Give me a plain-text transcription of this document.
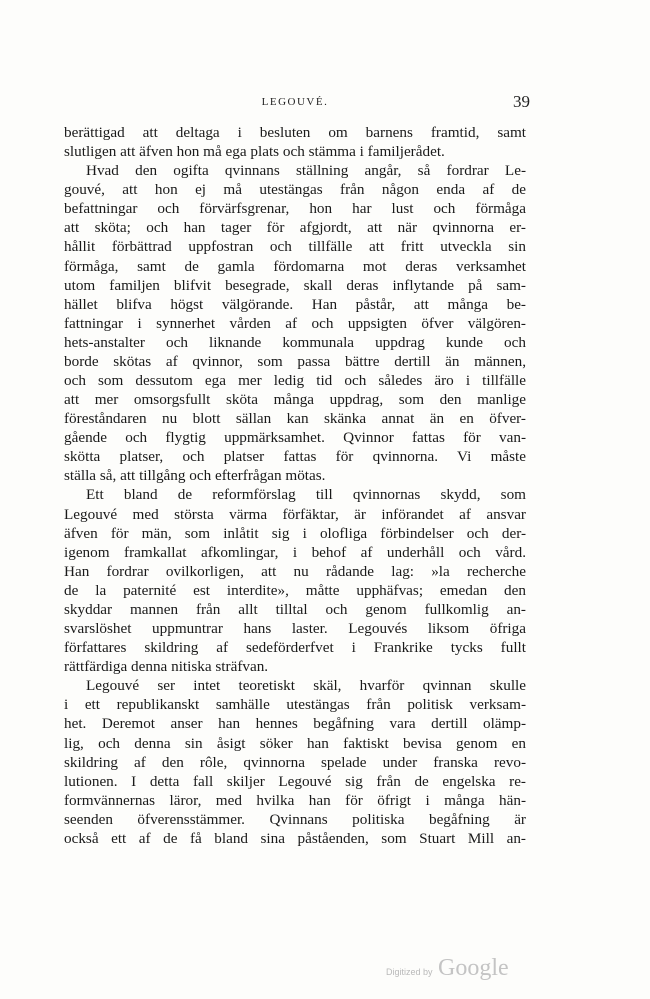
LEGOUVÉ.	39
berättigad att deltaga i besluten om barnens framtid, samt
slutligen att äfven hon må ega plats och stämma i familjerådet.
Hvad den ogifta qvinnans ställning angår, så fordrar Le-
gouvé, att hon ej må utestängas från någon enda af de
befattningar och förvärfsgrenar, hon har lust och förmåga
att sköta; och han tager för afgjordt, att när qvinnorna er-
hållit förbättrad uppfostran och tillfälle att fritt utveckla sin
förmåga, samt de gamla fördomarna mot deras verksamhet
utom familjen blifvit besegrade, skall deras inflytande på sam-
hället blifva högst välgörande. Han påstår, att många be-
fattningar i synnerhet vården af och uppsigten öfver välgören-
hets-anstalter och liknande kommunala uppdrag kunde och
borde skötas af qvinnor, som passa bättre dertill än männen,
och som dessutom ega mer ledig tid och således äro i tillfälle
att mer omsorgsfullt sköta många uppdrag, som den manlige
föreståndaren nu blott sällan kan skänka annat än en öfver-
gående och flygtig uppmärksamhet. Qvinnor fattas för van-
skötta platser, och platser fattas för qvinnorna. Vi måste
ställa så, att tillgång och efterfrågan mötas.
Ett bland de reformförslag till qvinnornas skydd, som
Legouvé med största värma förfäktar, är införandet af ansvar
äfven för män, som inlåtit sig i olofliga förbindelser och der-
igenom framkallat afkomlingar, i behof af underhåll och vård.
Han fordrar ovilkorligen, att nu rådande lag: »la recherche
de la paternité est interdite», måtte upphäfvas; emedan den
skyddar mannen från allt tilltal och genom fullkomlig an-
svarslöshet uppmuntrar hans laster. Legouvés liksom öfriga
författares skildring af sedeförderfvet i Frankrike tycks fullt
rättfärdiga denna nitiska sträfvan.
Legouvé ser intet teoretiskt skäl, hvarför qvinnan skulle
i ett republikanskt samhälle utestängas från politisk verksam-
het. Deremot anser han hennes begåfning vara dertill olämp-
lig, och denna sin åsigt söker han faktiskt bevisa genom en
skildring af den rôle, qvinnorna spelade under franska revo-
lutionen. I detta fall skiljer Legouvé sig från de engelska re-
formvännernas läror, med hvilka han för öfrigt i många hän-
seenden öfverensstämmer. Qvinnans politiska begåfning är
också ett af de få bland sina påståenden, som Stuart Mill an-
Digitized by Google
